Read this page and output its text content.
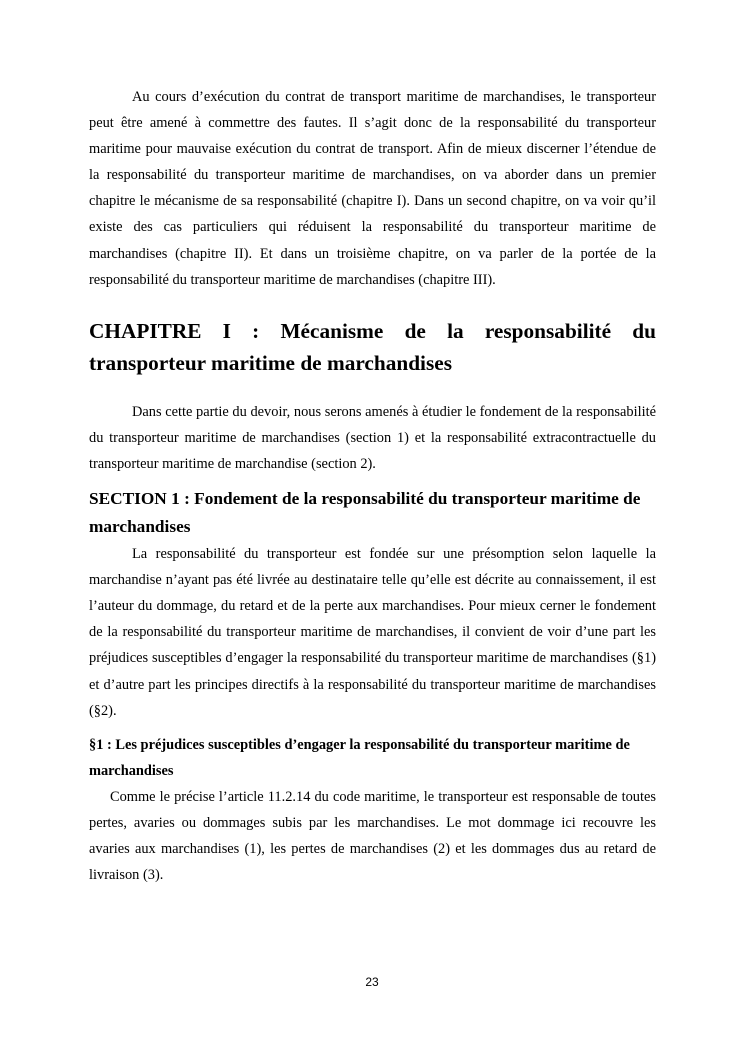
Au cours d’exécution du contrat de transport maritime de marchandises, le transporteur peut être amené à commettre des fautes. Il s’agit donc de la responsabilité du transporteur maritime pour mauvaise exécution du contrat de transport. Afin de mieux discerner l’étendue de la responsabilité du transporteur maritime de marchandises, on va aborder dans un premier chapitre le mécanisme de sa responsabilité (chapitre I). Dans un second chapitre, on va voir qu’il existe des cas particuliers qui réduisent la responsabilité du transporteur maritime de marchandises (chapitre II). Et dans un troisième chapitre, on va parler de la portée de la responsabilité du transporteur maritime de marchandises (chapitre III).

CHAPITRE I : Mécanisme de la responsabilité du transporteur maritime de marchandises

Dans cette partie du devoir, nous serons amenés à étudier le fondement de la responsabilité du transporteur maritime de marchandises (section 1) et la responsabilité extracontractuelle du transporteur maritime de marchandise (section 2).

SECTION 1 : Fondement de la responsabilité du transporteur maritime de marchandises

La responsabilité du transporteur est fondée sur une présomption selon laquelle la marchandise n’ayant pas été livrée au destinataire telle qu’elle est décrite au connaissement, il est l’auteur du dommage, du retard et de la perte aux marchandises. Pour mieux cerner le fondement de la responsabilité du transporteur maritime de marchandises, il convient de voir d’une part les préjudices susceptibles d’engager la responsabilité du transporteur maritime de marchandises (§1) et d’autre part les principes directifs à la responsabilité du transporteur maritime de marchandises (§2).

§1 : Les préjudices susceptibles d’engager la responsabilité du transporteur maritime de marchandises

Comme le précise l’article 11.2.14 du code maritime, le transporteur est responsable de toutes pertes, avaries ou dommages subis par les marchandises. Le mot dommage ici recouvre les avaries aux marchandises (1), les pertes de marchandises (2) et les dommages dus au retard de livraison (3).

23
